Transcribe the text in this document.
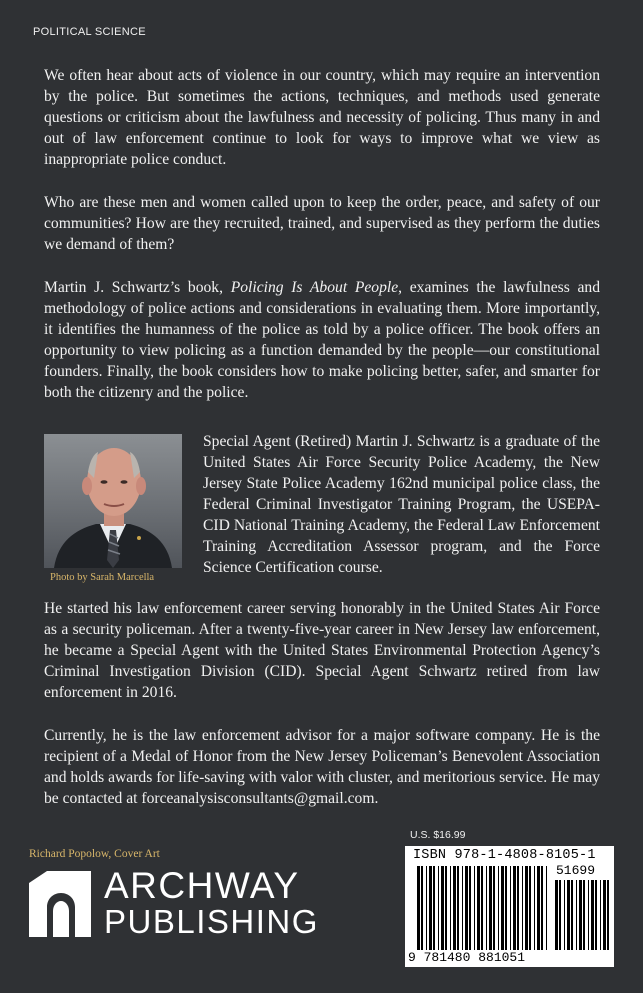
POLITICAL SCIENCE

We often hear about acts of violence in our country, which may require an intervention by the police. But sometimes the actions, techniques, and methods used generate questions or criticism about the lawfulness and necessity of policing. Thus many in and out of law enforcement continue to look for ways to improve what we view as inappropriate police conduct.

Who are these men and women called upon to keep the order, peace, and safety of our communities? How are they recruited, trained, and supervised as they perform the duties we demand of them?

Martin J. Schwartz’s book, Policing Is About People, examines the lawfulness and methodology of police actions and considerations in evaluating them. More importantly, it identifies the humanness of the police as told by a police officer. The book offers an opportunity to view policing as a function demanded by the people—our constitutional founders. Finally, the book considers how to make policing better, safer, and smarter for both the citizenry and the police.

Photo by Sarah Marcella

Special Agent (Retired) Martin J. Schwartz is a graduate of the United States Air Force Security Police Academy, the New Jersey State Police Academy 162nd municipal police class, the Federal Criminal Investigator Training Program, the USEPA-CID National Training Academy, the Federal Law Enforcement Training Accreditation Assessor program, and the Force Science Certification course.

He started his law enforcement career serving honorably in the United States Air Force as a security policeman. After a twenty-five-year career in New Jersey law enforcement, he became a Special Agent with the United States Environmental Protection Agency’s Criminal Investigation Division (CID). Special Agent Schwartz retired from law enforcement in 2016.

Currently, he is the law enforcement advisor for a major software company. He is the recipient of a Medal of Honor from the New Jersey Policeman’s Benevolent Association and holds awards for life-saving with valor with cluster, and meritorious service. He may be contacted at forceanalysisconsultants@gmail.com.

U.S. $16.99
ISBN 978-1-4808-8105-1
51699
9 781480 881051
Richard Popolow, Cover Art
ARCHWAY
PUBLISHING
